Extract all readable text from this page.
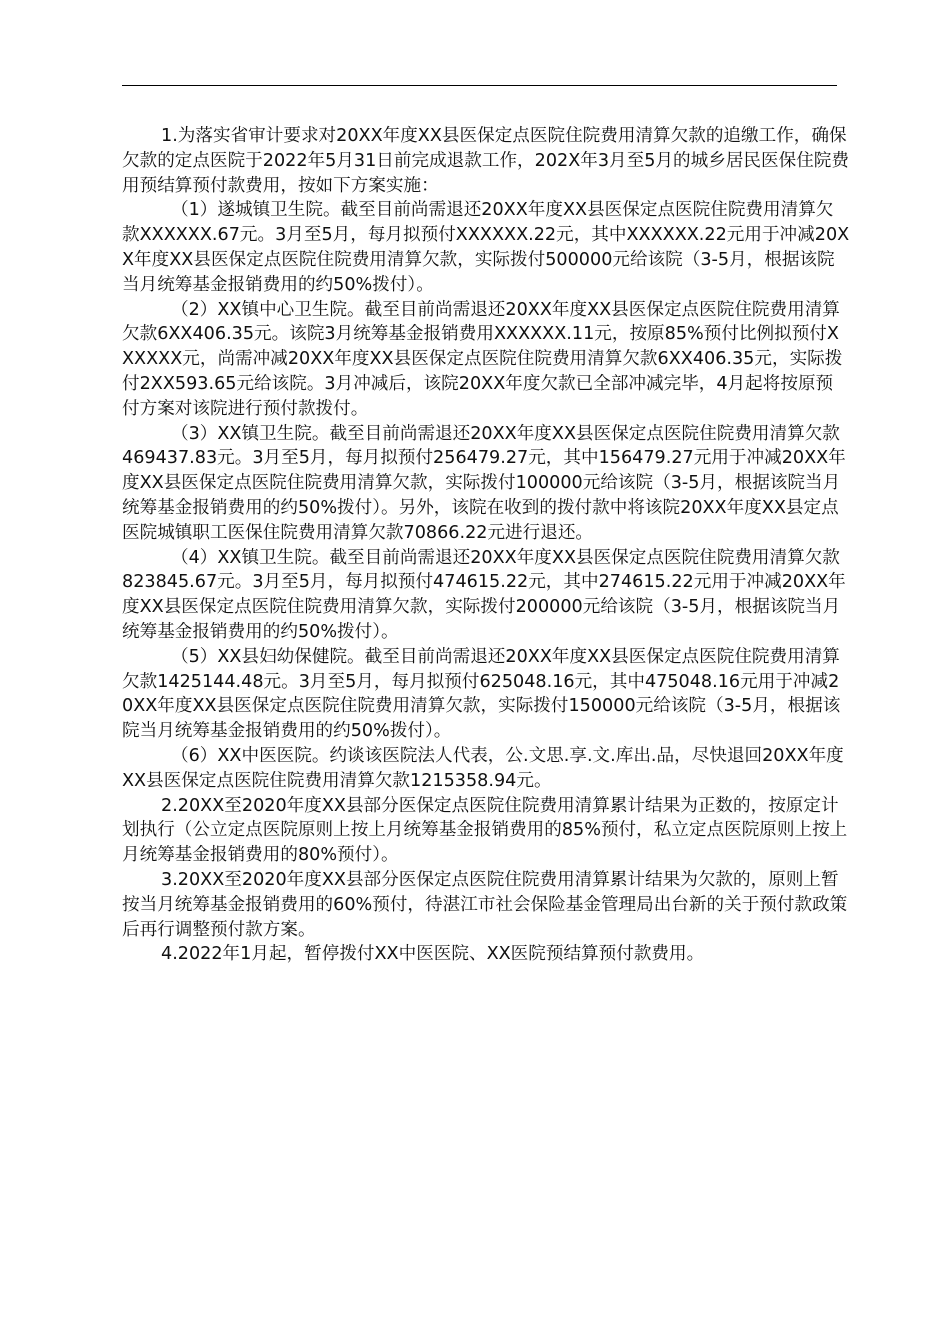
1.为落实省审计要求对20XX年度XX县医保定点医院住院费用清算欠款的追缴工作，确保欠款的定点医院于2022年5月31日前完成退款工作，202X年3月至5月的城乡居民医保住院费用预结算预付款费用，按如下方案实施：

（1）遂城镇卫生院。截至目前尚需退还20XX年度XX县医保定点医院住院费用清算欠款XXXXXX.67元。3月至5月，每月拟预付XXXXXX.22元，其中XXXXXX.22元用于冲减20XX年度XX县医保定点医院住院费用清算欠款，实际拨付500000元给该院（3-5月，根据该院当月统筹基金报销费用的约50%拨付）。

（2）XX镇中心卫生院。截至目前尚需退还20XX年度XX县医保定点医院住院费用清算欠款6XX406.35元。该院3月统筹基金报销费用XXXXXX.11元，按原85%预付比例拟预付XXXXXX元，尚需冲减20XX年度XX县医保定点医院住院费用清算欠款6XX406.35元，实际拨付2XX593.65元给该院。3月冲减后，该院20XX年度欠款已全部冲减完毕，4月起将按原预付方案对该院进行预付款拨付。

（3）XX镇卫生院。截至目前尚需退还20XX年度XX县医保定点医院住院费用清算欠款469437.83元。3月至5月，每月拟预付256479.27元，其中156479.27元用于冲减20XX年度XX县医保定点医院住院费用清算欠款，实际拨付100000元给该院（3-5月，根据该院当月统筹基金报销费用的约50%拨付）。另外，该院在收到的拨付款中将该院20XX年度XX县定点医院城镇职工医保住院费用清算欠款70866.22元进行退还。

（4）XX镇卫生院。截至目前尚需退还20XX年度XX县医保定点医院住院费用清算欠款823845.67元。3月至5月，每月拟预付474615.22元，其中274615.22元用于冲减20XX年度XX县医保定点医院住院费用清算欠款，实际拨付200000元给该院（3-5月，根据该院当月统筹基金报销费用的约50%拨付）。

（5）XX县妇幼保健院。截至目前尚需退还20XX年度XX县医保定点医院住院费用清算欠款1425144.48元。3月至5月，每月拟预付625048.16元，其中475048.16元用于冲减20XX年度XX县医保定点医院住院费用清算欠款，实际拨付150000元给该院（3-5月，根据该院当月统筹基金报销费用的约50%拨付）。

（6）XX中医医院。约谈该医院法人代表，公.文思.享.文.库出.品，尽快退回20XX年度XX县医保定点医院住院费用清算欠款1215358.94元。

2.20XX至2020年度XX县部分医保定点医院住院费用清算累计结果为正数的，按原定计划执行（公立定点医院原则上按上月统筹基金报销费用的85%预付，私立定点医院原则上按上月统筹基金报销费用的80%预付）。

3.20XX至2020年度XX县部分医保定点医院住院费用清算累计结果为欠款的，原则上暂按当月统筹基金报销费用的60%预付，待湛江市社会保险基金管理局出台新的关于预付款政策后再行调整预付款方案。

4.2022年1月起，暂停拨付XX中医医院、XX医院预结算预付款费用。
